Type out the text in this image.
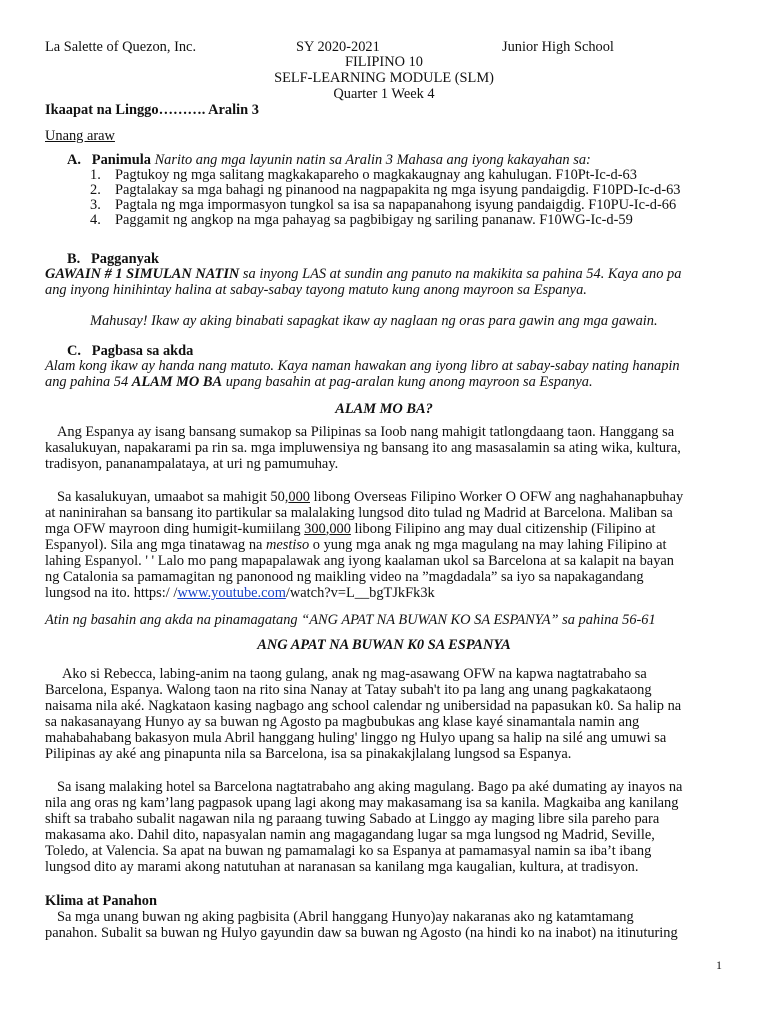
La Salette of Quezon, Inc.	SY 2020-2021	Junior High School
FILIPINO 10
SELF-LEARNING MODULE (SLM)
Quarter 1 Week 4
Ikaapat na Linggo………. Aralin 3
Unang araw
A. Panimula Narito ang mga layunin natin sa Aralin 3 Mahasa ang iyong kakayahan sa:
1. Pagtukoy ng mga salitang magkakapareho o magkakaugnay ang kahulugan. F10Pt-Ic-d-63
2. Pagtalakay sa mga bahagi ng pinanood na nagpapakita ng mga isyung pandaigdig. F10PD-Ic-d-63
3. Pagtala ng mga impormasyon tungkol sa isa sa napapanahong isyung pandaigdig. F10PU-Ic-d-66
4. Paggamit ng angkop na mga pahayag sa pagbibigay ng sariling pananaw. F10WG-Ic-d-59
B. Pagganyak
GAWAIN # 1 SIMULAN NATIN sa inyong LAS at sundin ang panuto na makikita sa pahina 54. Kaya ano pa
ang inyong hinihintay halina at sabay-sabay tayong matuto kung anong mayroon sa Espanya.
Mahusay! Ikaw ay aking binabati sapagkat ikaw ay naglaan ng oras para gawin ang mga gawain.
C. Pagbasa sa akda
Alam kong ikaw ay handa nang matuto. Kaya naman hawakan ang iyong libro at sabay-sabay nating hanapin
ang pahina 54 ALAM MO BA upang basahin at pag-aralan kung anong mayroon sa Espanya.
ALAM MO BA?
Ang Espanya ay isang bansang sumakop sa Pilipinas sa Ioob nang mahigit tatlongdaang taon. Hanggang sa
kasalukuyan, napakarami pa rin sa. mga impluwensiya ng bansang ito ang masasalamin sa ating wika, kultura,
tradisyon, pananampalataya, at uri ng pamumuhay.
Sa kasalukuyan, umaabot sa mahigit 50,000 libong Overseas Filipino Worker O OFW ang naghahanapbuhay
at naninirahan sa bansang ito partikular sa malalaking lungsod dito tulad ng Madrid at Barcelona. Maliban sa
mga OFW mayroon ding humigit-kumiilang 300,000 libong Filipino ang may dual citizenship (Filipino at
Espanyol). Sila ang mga tinatawag na mestiso o yung mga anak ng mga magulang na may lahing Filipino at
lahing Espanyol. ' ' Lalo mo pang mapapalawak ang iyong kaalaman ukol sa Barcelona at sa kalapit na bayan
ng Catalonia sa pamamagitan ng panonood ng maikling video na ”magdadala” sa iyo sa napakagandang
lungsod na ito. https:/ /www.youtube.com/watch?v=L__bgTJkFk3k
Atin ng basahin ang akda na pinamagatang “ANG APAT NA BUWAN KO SA ESPANYA” sa pahina 56-61
ANG APAT NA BUWAN K0 SA ESPANYA
Ako si Rebecca, labing-anim na taong gulang, anak ng mag-asawang OFW na kapwa nagtatrabaho sa
Barcelona, Espanya. Walong taon na rito sina Nanay at Tatay subah't ito pa lang ang unang pagkakataong
naisama nila aké. Nagkataon kasing nagbago ang school calendar ng unibersidad na papasukan k0. Sa halip na
sa nakasanayang Hunyo ay sa buwan ng Agosto pa magbubukas ang klase kayé sinamantala namin ang
mahabahabang bakasyon mula Abril hanggang huling' linggo ng Hulyo upang sa halip na silé ang umuwi sa
Pilipinas ay aké ang pinapunta nila sa Barcelona, isa sa pinakakjlalang lungsod sa Espanya.
Sa isang malaking hotel sa Barcelona nagtatrabaho ang aking magulang. Bago pa aké dumating ay inayos na
nila ang oras ng kam’lang pagpasok upang lagi akong may makasamang isa sa kanila. Magkaiba ang kanilang
shift sa trabaho subalit nagawan nila ng paraang tuwing Sabado at Linggo ay maging libre sila pareho para
makasama ako. Dahil dito, napasyalan namin ang magagandang lugar sa mga lungsod ng Madrid, Seville,
Toledo, at Valencia. Sa apat na buwan ng pamamalagi ko sa Espanya at pamamasyal namin sa iba’t ibang
lungsod dito ay marami akong natutuhan at naranasan sa kanilang mga kaugalian, kultura, at tradisyon.
Klima at Panahon
Sa mga unang buwan ng aking pagbisita (Abril hanggang Hunyo)ay nakaranas ako ng katamtamang
panahon. Subalit sa buwan ng Hulyo gayundin daw sa buwan ng Agosto (na hindi ko na inabot) na itinuturing
1
